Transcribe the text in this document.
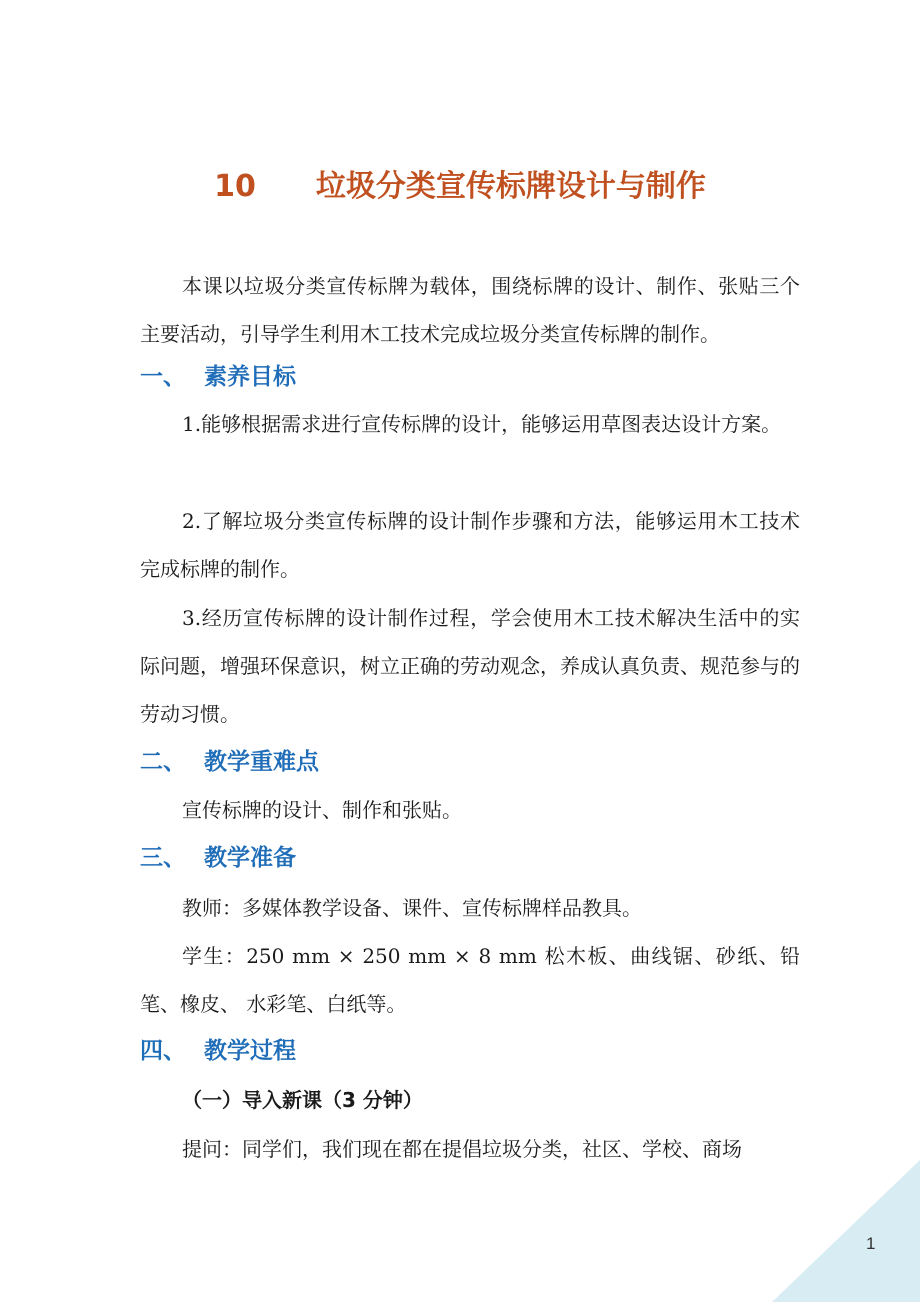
10　　垃圾分类宣传标牌设计与制作
本课以垃圾分类宣传标牌为载体，围绕标牌的设计、制作、张贴三个主要活动，引导学生利用木工技术完成垃圾分类宣传标牌的制作。
一、 素养目标
1.能够根据需求进行宣传标牌的设计，能够运用草图表达设计方案。
2.了解垃圾分类宣传标牌的设计制作步骤和方法，能够运用木工技术完成标牌的制作。
3.经历宣传标牌的设计制作过程，学会使用木工技术解决生活中的实际问题，增强环保意识，树立正确的劳动观念，养成认真负责、规范参与的劳动习惯。
二、 教学重难点
宣传标牌的设计、制作和张贴。
三、 教学准备
教师：多媒体教学设备、课件、宣传标牌样品教具。
学生：250 mm × 250 mm × 8 mm 松木板、曲线锯、砂纸、铅笔、橡皮、 水彩笔、白纸等。
四、 教学过程
（一）导入新课（3 分钟）
提问：同学们，我们现在都在提倡垃圾分类，社区、学校、商场
1
